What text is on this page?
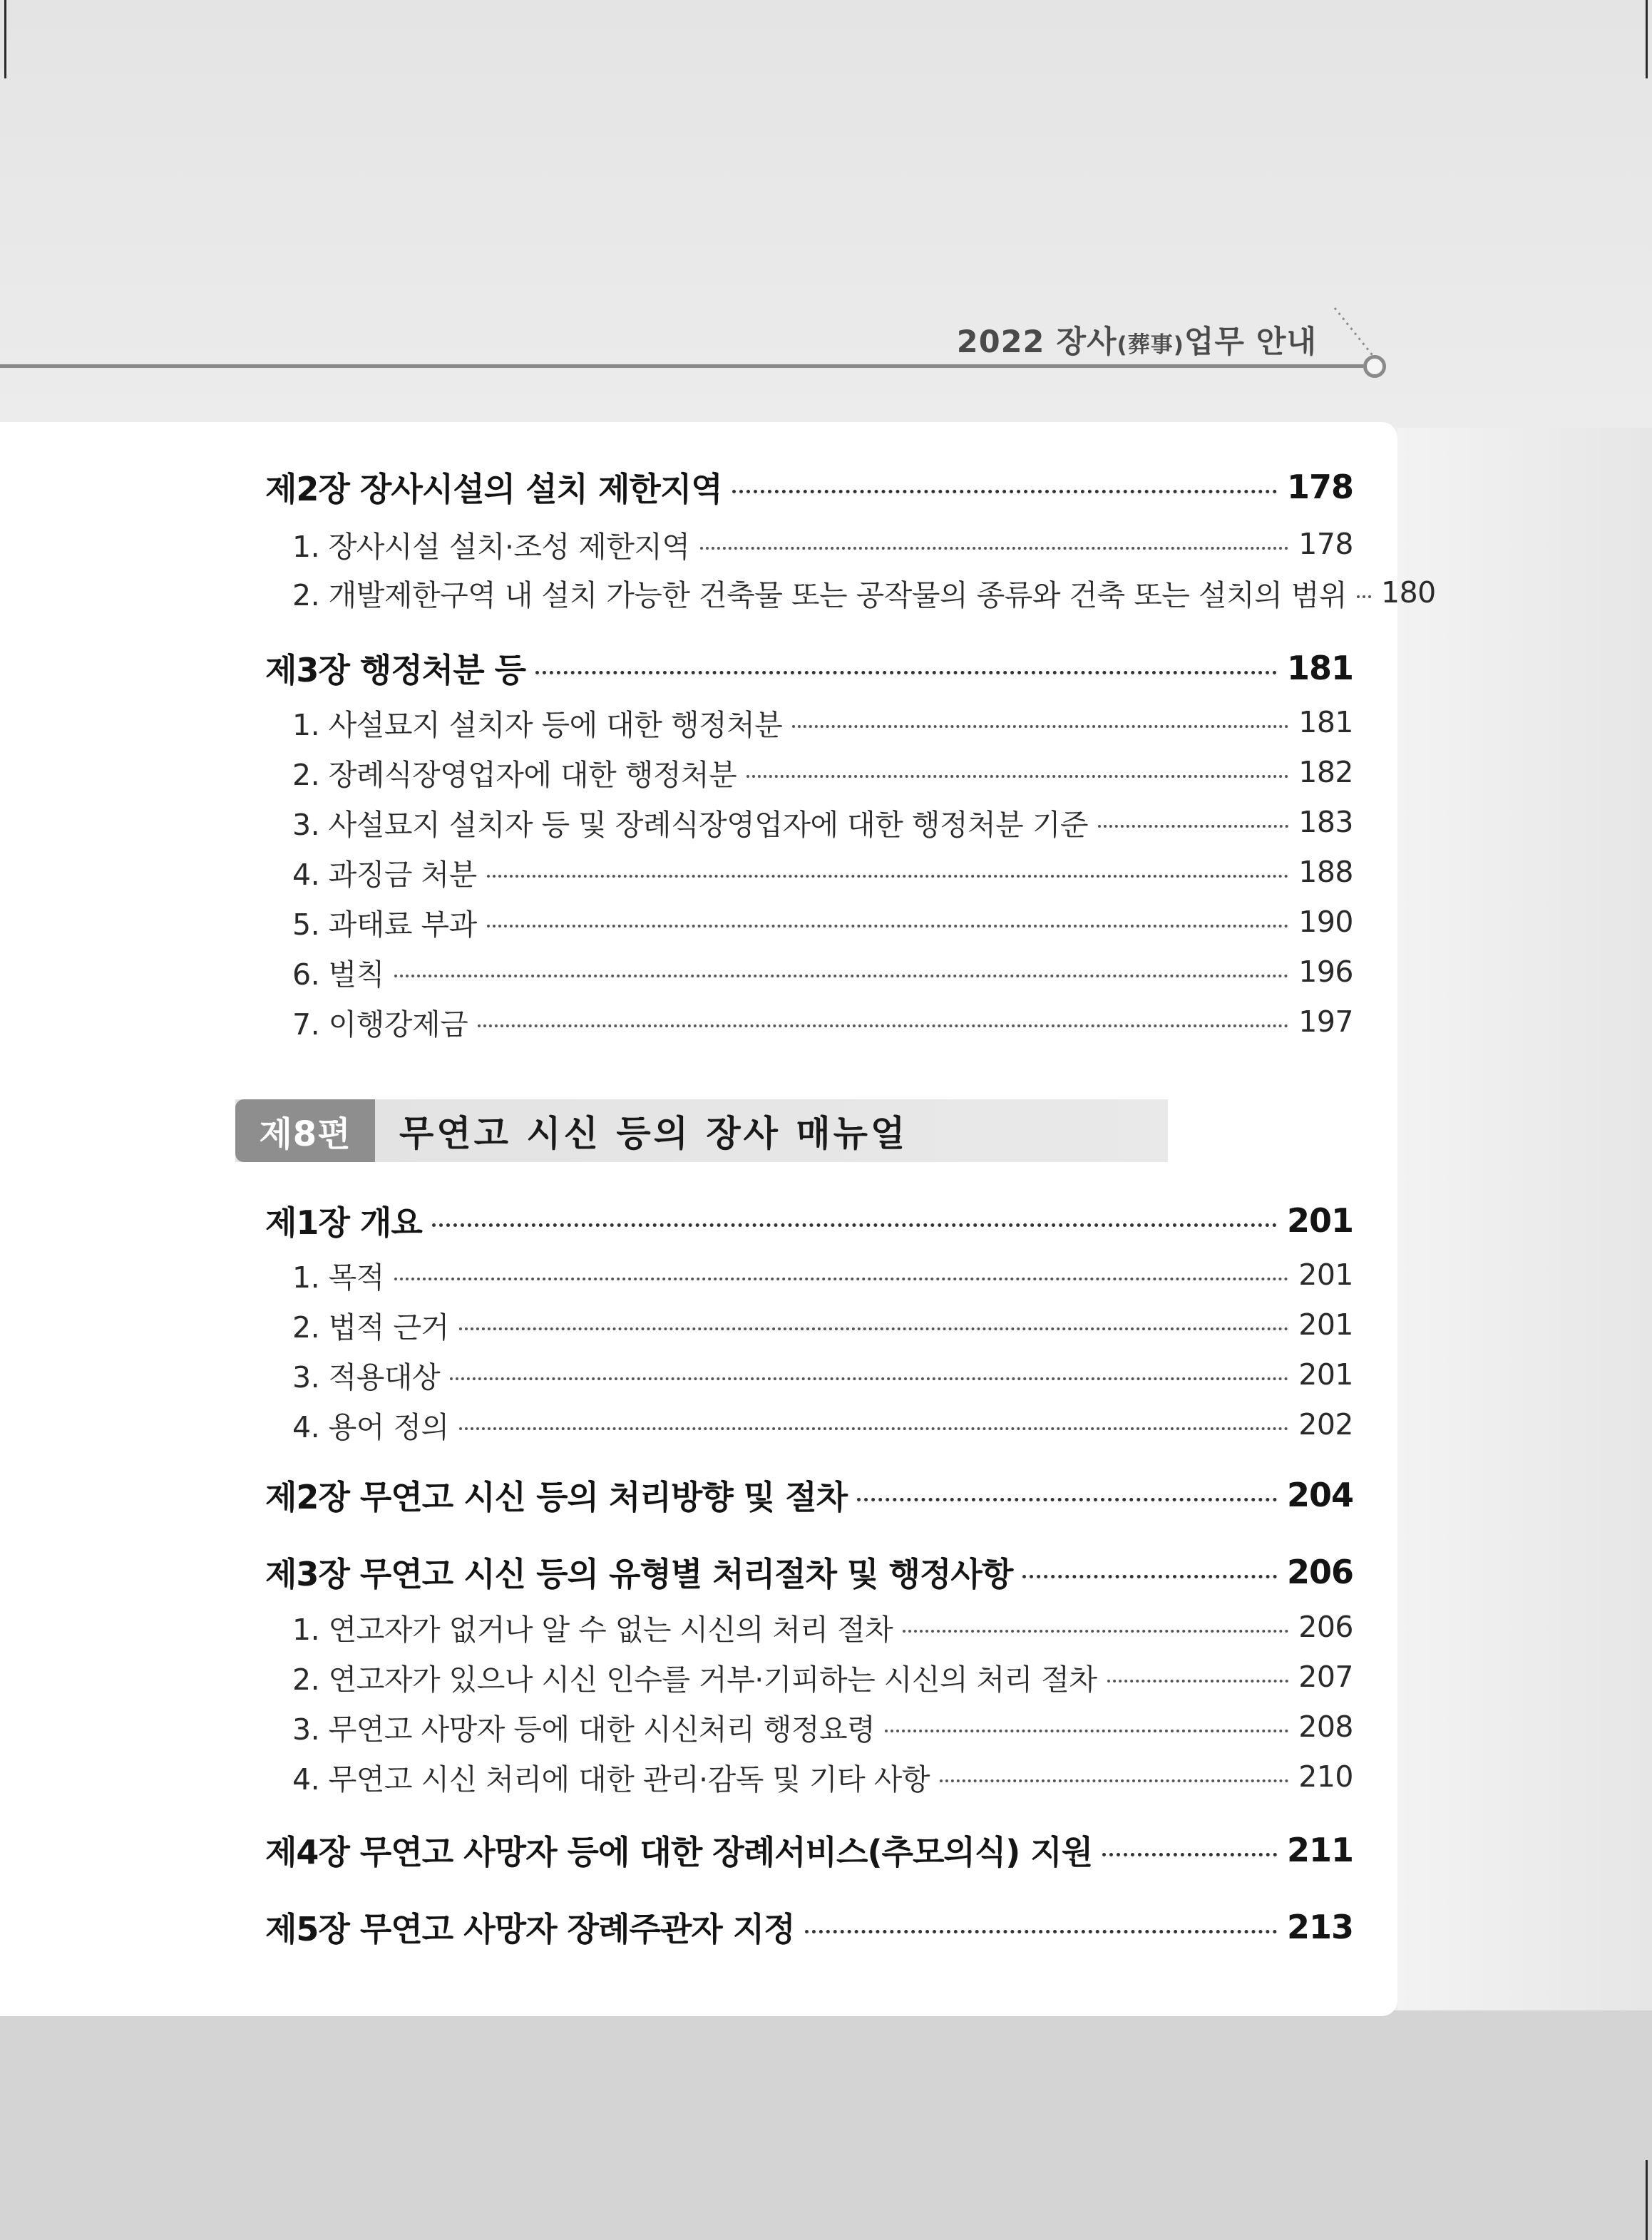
2022 장사(葬事)업무 안내
제2장 장사시설의 설치 제한지역	178
1. 장사시설 설치·조성 제한지역	178
2. 개발제한구역 내 설치 가능한 건축물 또는 공작물의 종류와 건축 또는 설치의 범위 180
제3장 행정처분 등	181
1. 사설묘지 설치자 등에 대한 행정처분	181
2. 장례식장영업자에 대한 행정처분	182
3. 사설묘지 설치자 등 및 장례식장영업자에 대한 행정처분 기준	183
4. 과징금 처분	188
5. 과태료 부과	190
6. 벌칙	196
7. 이행강제금	197
제8편	무연고 시신 등의 장사 매뉴얼
제1장 개요	201
1. 목적	201
2. 법적 근거	201
3. 적용대상	201
4. 용어 정의	202
제2장 무연고 시신 등의 처리방향 및 절차	204
제3장 무연고 시신 등의 유형별 처리절차 및 행정사항	206
1. 연고자가 없거나 알 수 없는 시신의 처리 절차	206
2. 연고자가 있으나 시신 인수를 거부·기피하는 시신의 처리 절차	207
3. 무연고 사망자 등에 대한 시신처리 행정요령	208
4. 무연고 시신 처리에 대한 관리·감독 및 기타 사항	210
제4장 무연고 사망자 등에 대한 장례서비스(추모의식) 지원	211
제5장 무연고 사망자 장례주관자 지정	213
